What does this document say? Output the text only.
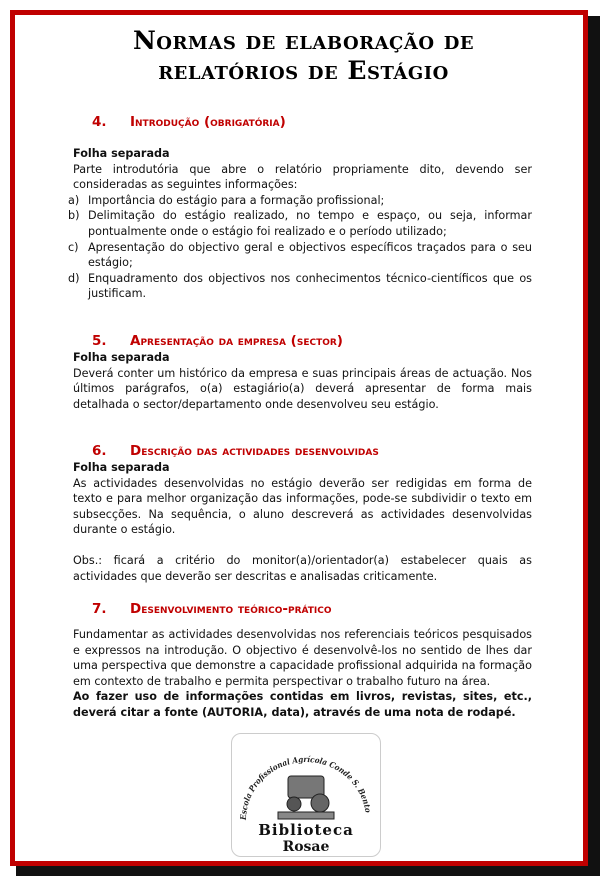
Normas de elaboração de
relatórios de Estágio
4. Introdução (obrigatória)
Folha separada
Parte introdutória que abre o relatório propriamente dito, devendo ser consideradas as seguintes informações:
a) Importância do estágio para a formação profissional;
b) Delimitação do estágio realizado, no tempo e espaço, ou seja, informar pontualmente onde o estágio foi realizado e o período utilizado;
c) Apresentação do objectivo geral e objectivos específicos traçados para o seu estágio;
d) Enquadramento dos objectivos nos conhecimentos técnico-científicos que os justificam.
5. Apresentação da empresa (sector)
Folha separada
Deverá conter um histórico da empresa e suas principais áreas de actuação. Nos últimos parágrafos, o(a) estagiário(a) deverá apresentar de forma mais detalhada o sector/departamento onde desenvolveu seu estágio.
6. Descrição das actividades desenvolvidas
Folha separada
As actividades desenvolvidas no estágio deverão ser redigidas em forma de texto e para melhor organização das informações, pode-se subdividir o texto em subsecções. Na sequência, o aluno descreverá as actividades desenvolvidas durante o estágio.
Obs.: ficará a critério do monitor(a)/orientador(a) estabelecer quais as actividades que deverão ser descritas e analisadas criticamente.
7. Desenvolvimento teórico-prático
Fundamentar as actividades desenvolvidas nos referenciais teóricos pesquisados e expressos na introdução. O objectivo é desenvolvê-los no sentido de lhes dar uma perspectiva que demonstre a capacidade profissional adquirida na formação em contexto de trabalho e permita perspectivar o trabalho futuro na área.
Ao fazer uso de informações contidas em livros, revistas, sites, etc., deverá citar a fonte (AUTORIA, data), através de uma nota de rodapé.
Escola Profissional Agrícola Conde S. Bento
Biblioteca
Rosae
